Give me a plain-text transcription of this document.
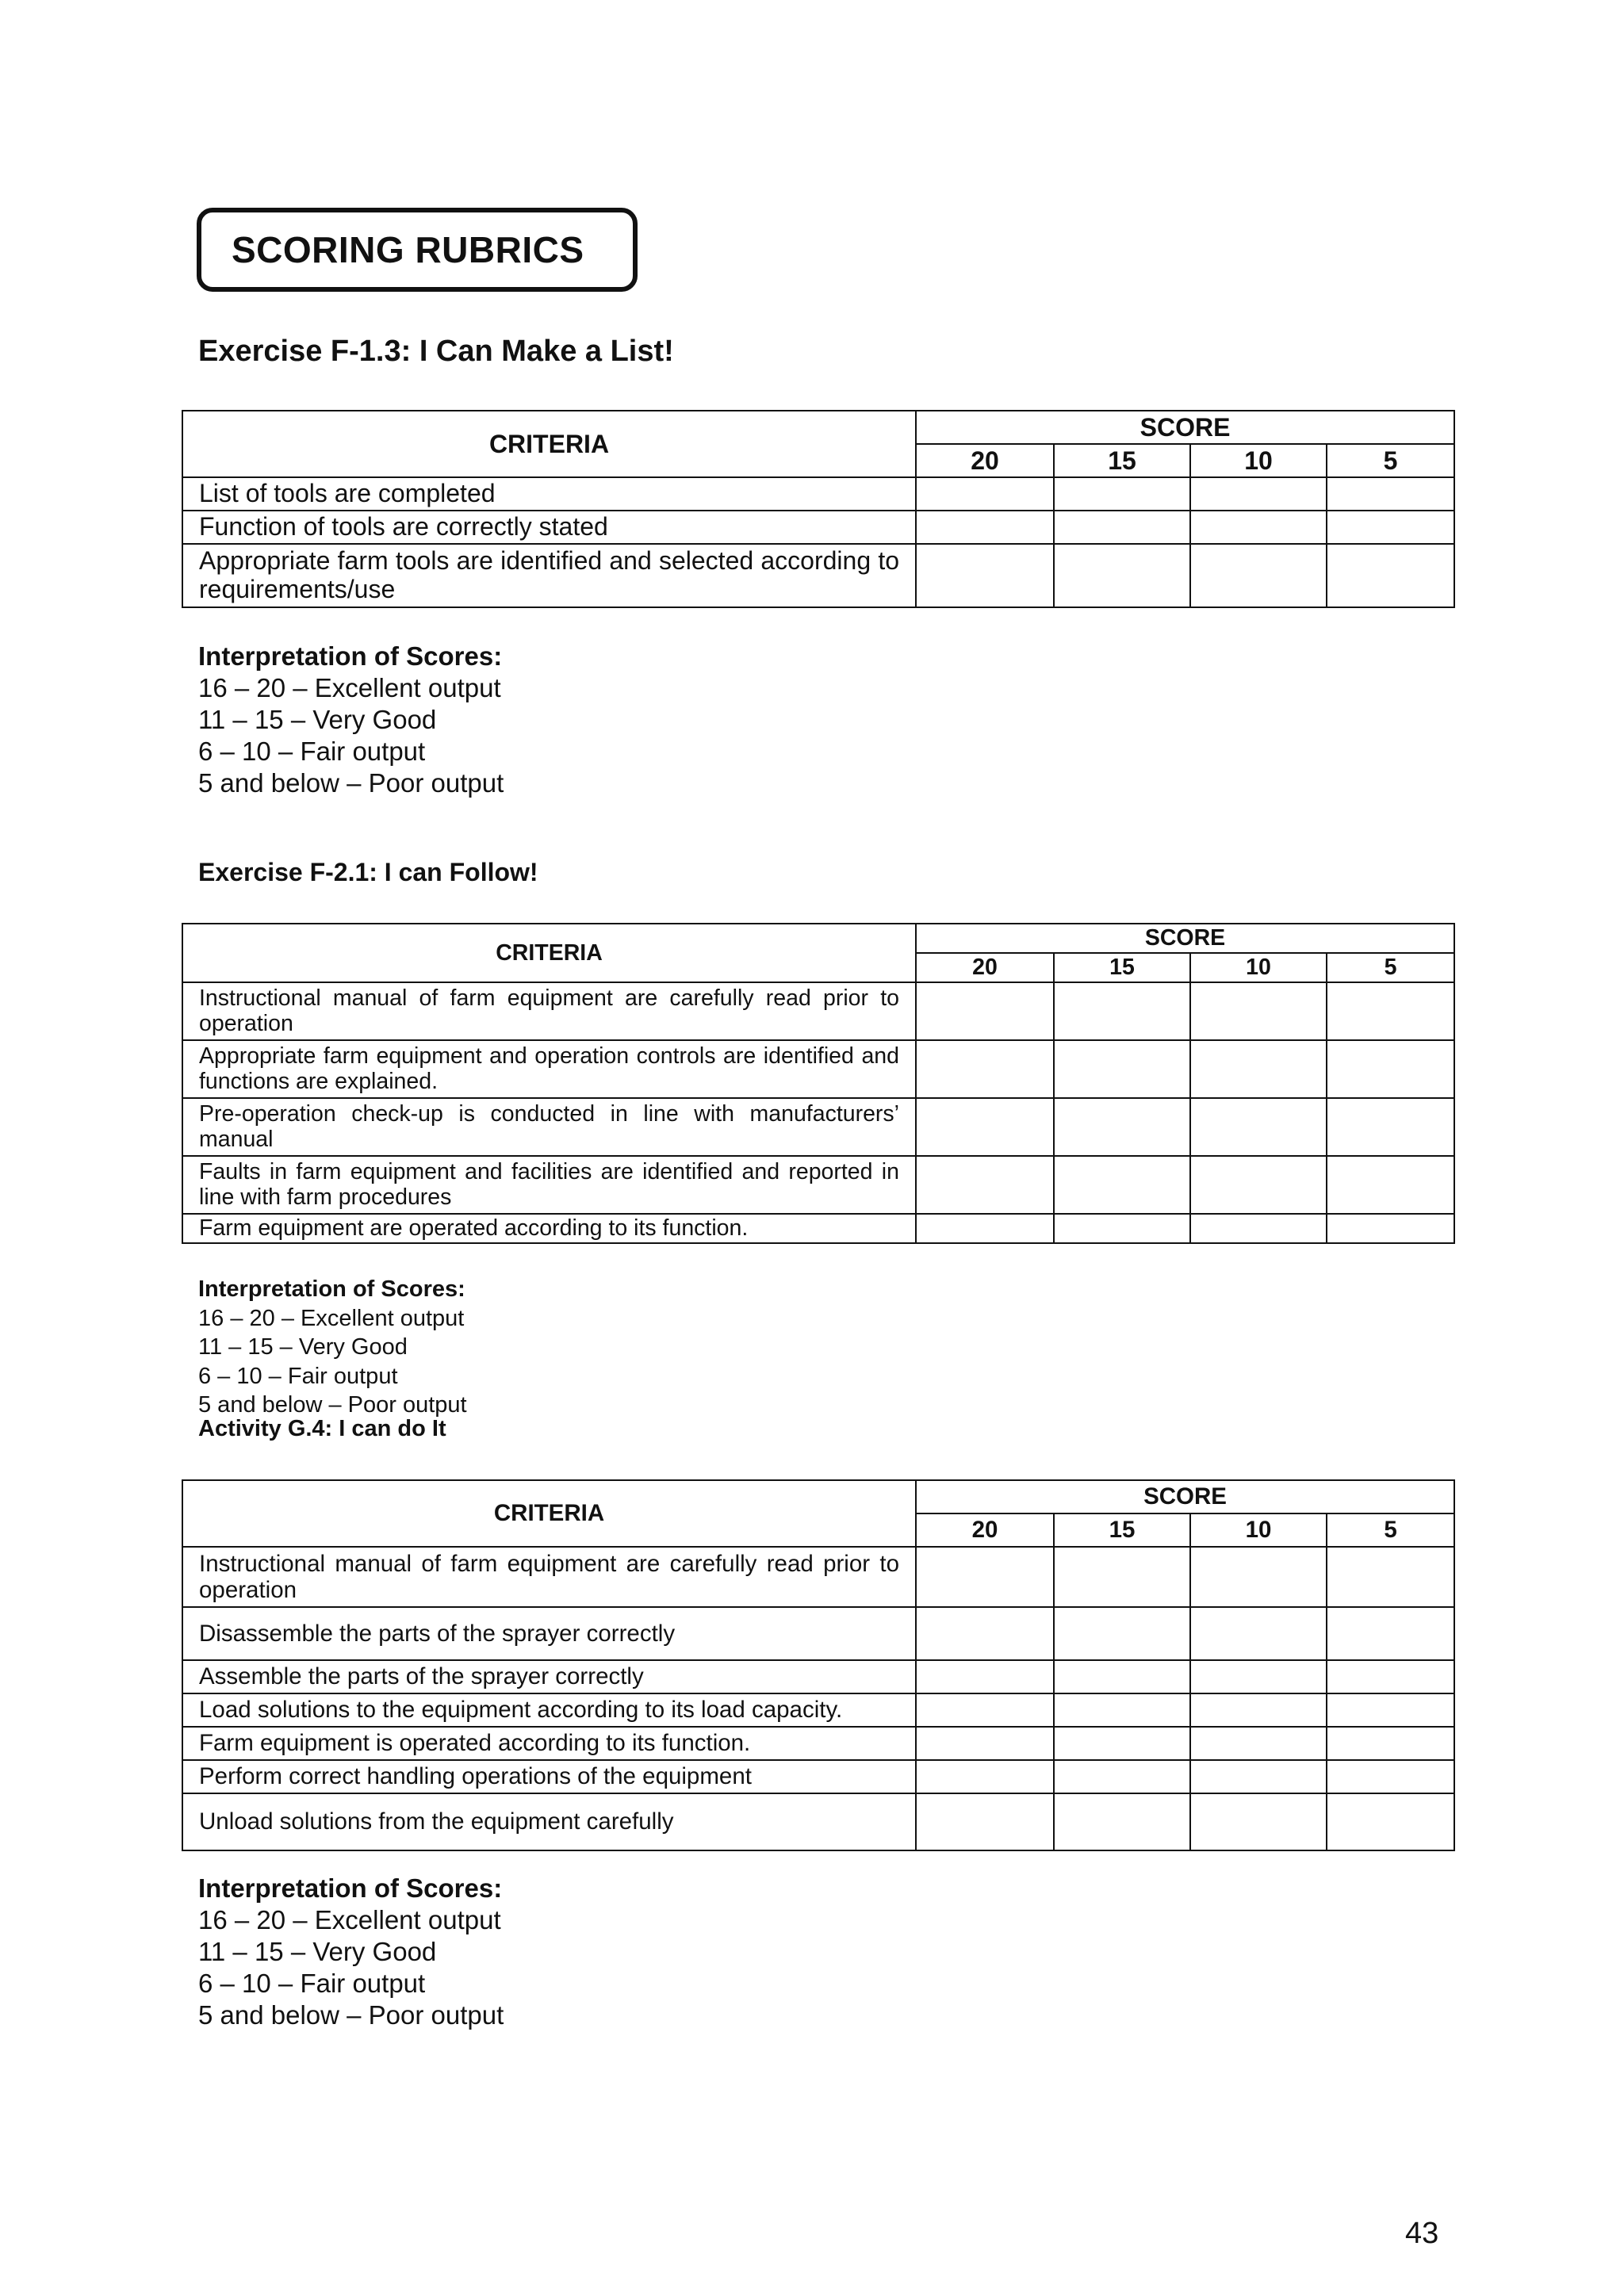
SCORING RUBRICS
Exercise F-1.3: I Can Make a List!
CRITERIA	SCORE			
	20	15	10	5
List of tools are completed				
Function of tools are correctly stated				
Appropriate farm tools are identified and selected according to requirements/use				
Interpretation of Scores:
16 – 20 – Excellent output
11 – 15 – Very Good
6 – 10 – Fair output
5 and below – Poor output
Exercise F-2.1: I can Follow!
CRITERIA	SCORE			
	20	15	10	5
Instructional manual of farm equipment are carefully read prior to operation				
Appropriate farm equipment and operation controls are identified and functions are explained.				
Pre-operation check-up is conducted in line with manufacturers’ manual				
Faults in farm equipment and facilities are identified and reported in line with farm procedures				
Farm equipment are operated according to its function.				
Interpretation of Scores:
16 – 20 – Excellent output
11 – 15 – Very Good
6 – 10 – Fair output
5 and below – Poor output
Activity G.4: I can do It
CRITERIA	SCORE			
	20	15	10	5
Instructional manual of farm equipment are carefully read prior to operation				
Disassemble the parts of the sprayer correctly				
Assemble the parts of the sprayer correctly				
Load solutions to the equipment according to its load capacity.				
Farm equipment is operated according to its function.				
Perform correct handling operations of the equipment				
Unload solutions from the equipment carefully				
Interpretation of Scores:
16 – 20 – Excellent output
11 – 15 – Very Good
6 – 10 – Fair output
5 and below – Poor output
43
